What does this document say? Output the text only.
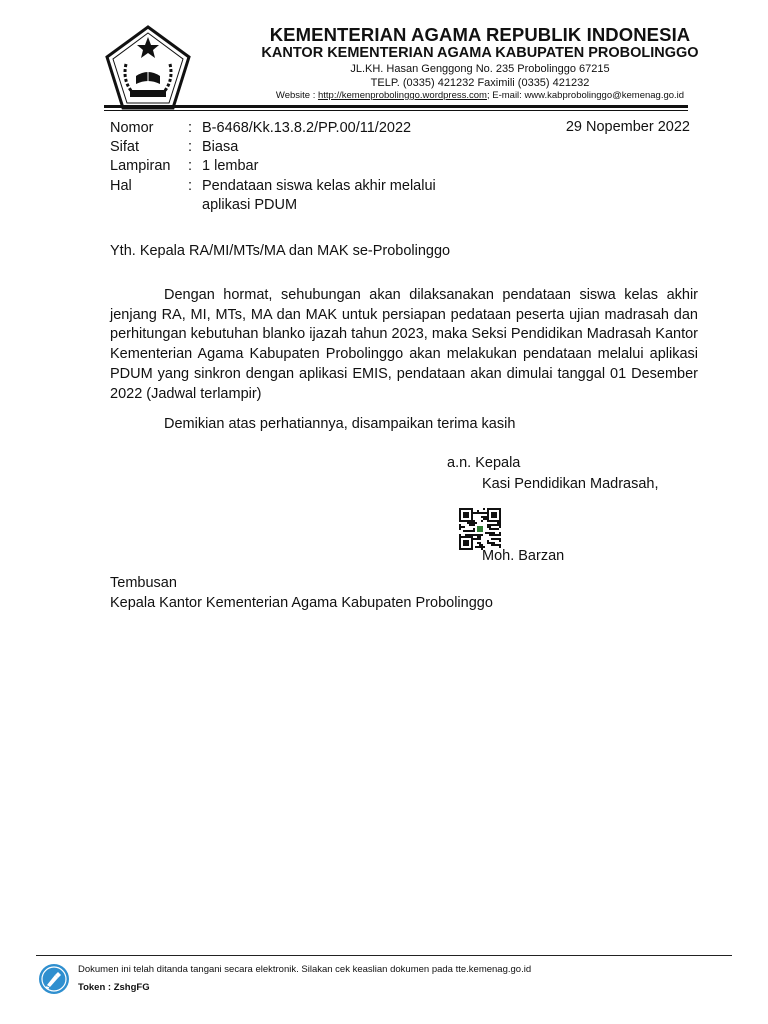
KEMENTERIAN AGAMA REPUBLIK INDONESIA
KANTOR KEMENTERIAN AGAMA KABUPATEN PROBOLINGGO
JL.KH. Hasan Genggong No. 235 Probolinggo 67215
TELP. (0335) 421232 Faximili (0335) 421232
Website : http://kemenprobolinggo.wordpress.com; E-mail: www.kabprobolinggo@kemenag.go.id
Nomor : B-6468/Kk.13.8.2/PP.00/11/2022	29 Nopember 2022
Sifat	: Biasa
Lampiran : 1 lembar
Hal	: Pendataan siswa kelas akhir melalui
aplikasi PDUM
Yth. Kepala RA/MI/MTs/MA dan MAK se-Probolinggo
Dengan hormat, sehubungan akan dilaksanakan pendataan siswa kelas akhir jenjang RA, MI, MTs, MA dan MAK untuk persiapan pedataan peserta ujian madrasah dan perhitungan kebutuhan blanko ijazah tahun 2023, maka Seksi Pendidikan Madrasah Kantor Kementerian Agama Kabupaten Probolinggo akan melakukan pendataan melalui aplikasi PDUM yang sinkron dengan aplikasi EMIS, pendataan akan dimulai tanggal 01 Desember 2022 (Jadwal terlampir)
Demikian atas perhatiannya, disampaikan terima kasih
a.n. Kepala
Kasi Pendidikan Madrasah,
Moh. Barzan
Tembusan
Kepala Kantor Kementerian Agama Kabupaten Probolinggo
Dokumen ini telah ditanda tangani secara elektronik. Silakan cek keaslian dokumen pada tte.kemenag.go.id
Token : ZshgFG
